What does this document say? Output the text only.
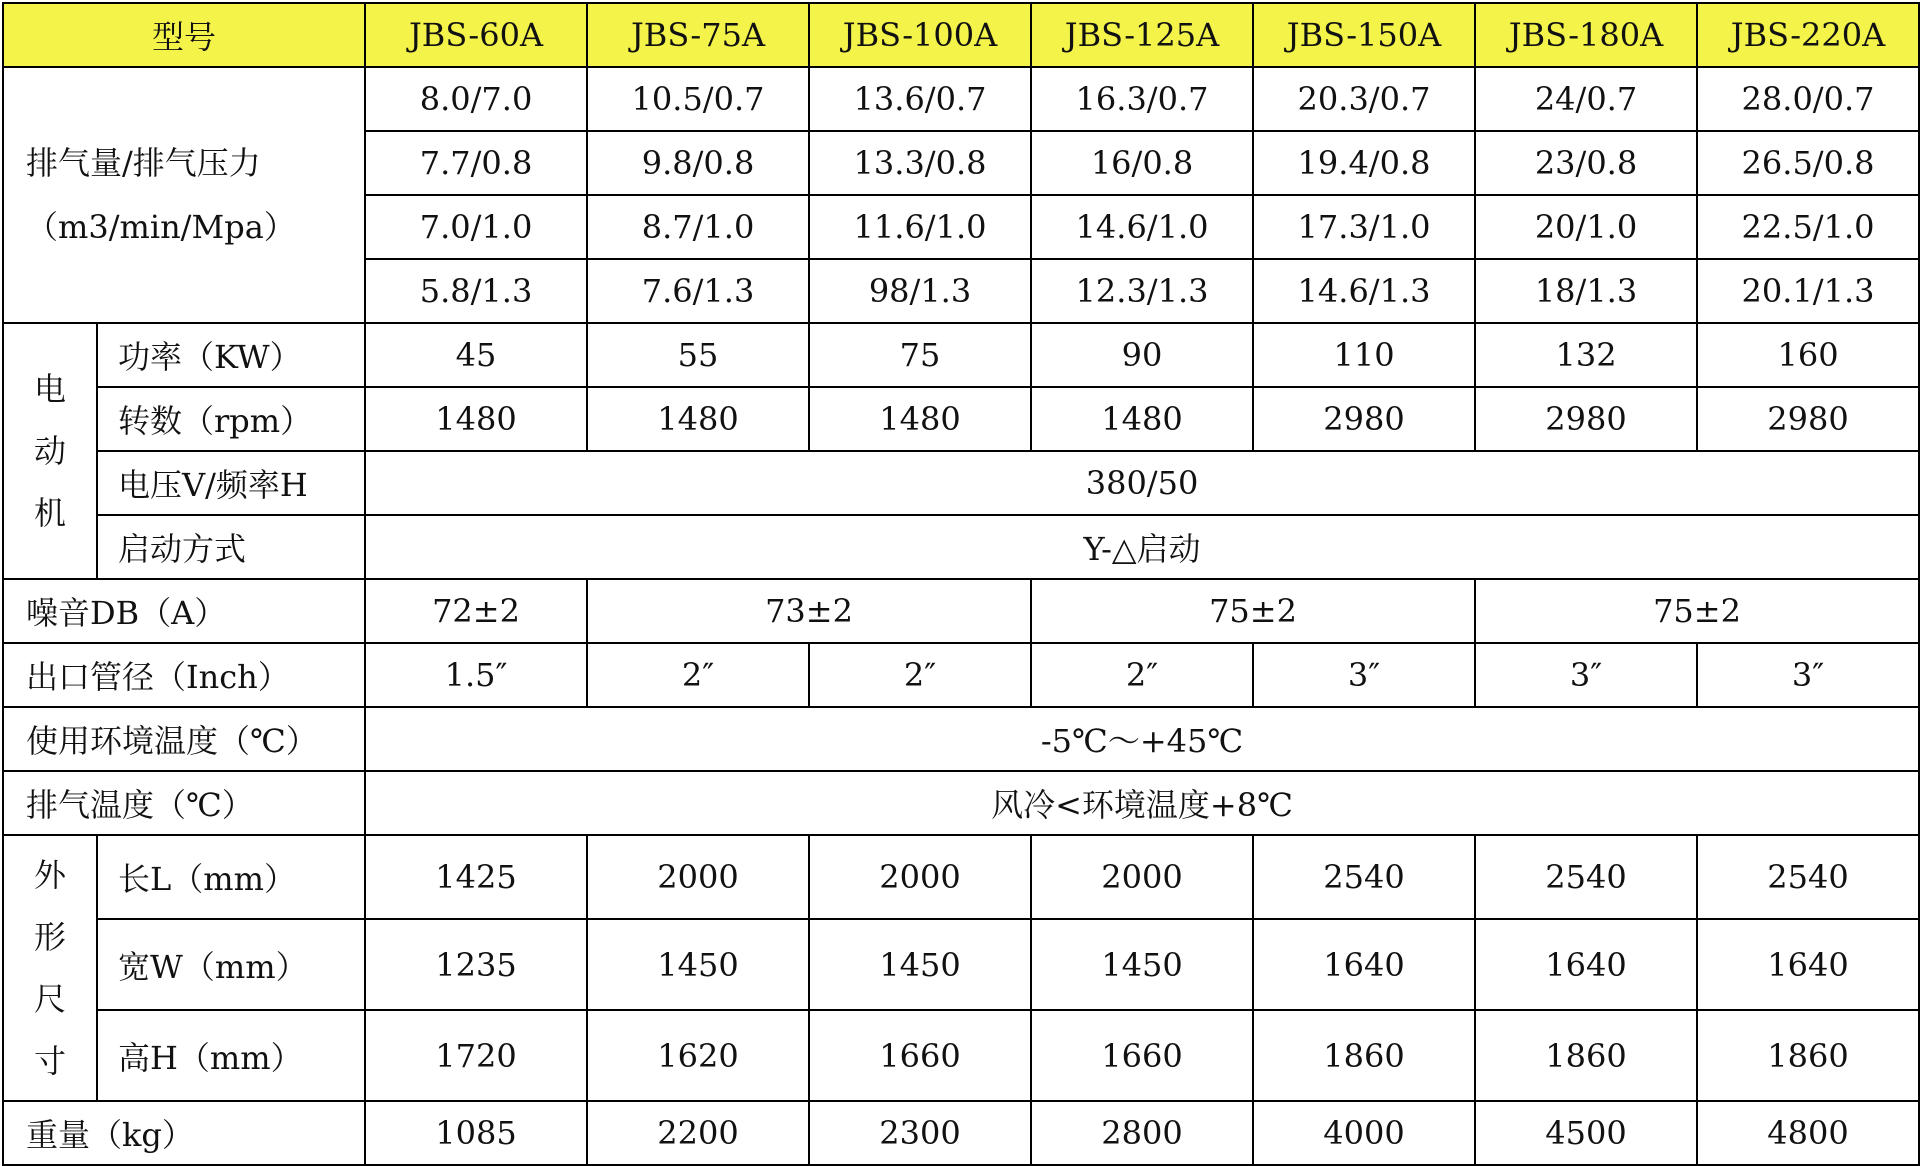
型号		JBS-60A	JBS-75A	JBS-100A	JBS-125A	JBS-150A	JBS-180A	JBS-220A

排气量/排气压力
（m3/min/Mpa）		8.0/7.0	10.5/0.7	13.6/0.7	16.3/0.7	20.3/0.7	24/0.7	28.0/0.7
		7.7/0.8	9.8/0.8	13.3/0.8	16/0.8	19.4/0.8	23/0.8	26.5/0.8
		7.0/1.0	8.7/1.0	11.6/1.0	14.6/1.0	17.3/1.0	20/1.0	22.5/1.0
		5.8/1.3	7.6/1.3	98/1.3	12.3/1.3	14.6/1.3	18/1.3	20.1/1.3

电
动
机	功率（KW）	45	55	75	90	110	132	160
	转数（rpm）	1480	1480	1480	1480	2980	2980	2980
	电压V/频率H	380/50						
	启动方式	Y-△启动						
噪音DB（A）		72±2	73±2		75±2		75±2	
出口管径（Inch）		1.5″	2″	2″	2″	3″	3″	3″
使用环境温度（℃）		-5℃～+45℃						
排气温度（℃）		风冷<环境温度+8℃						

外
形
尺
寸	长L（mm）	1425	2000	2000	2000	2540	2540	2540
	宽W（mm）	1235	1450	1450	1450	1640	1640	1640
	高H（mm）	1720	1620	1660	1660	1860	1860	1860
重量（kg）		1085	2200	2300	2800	4000	4500	4800
